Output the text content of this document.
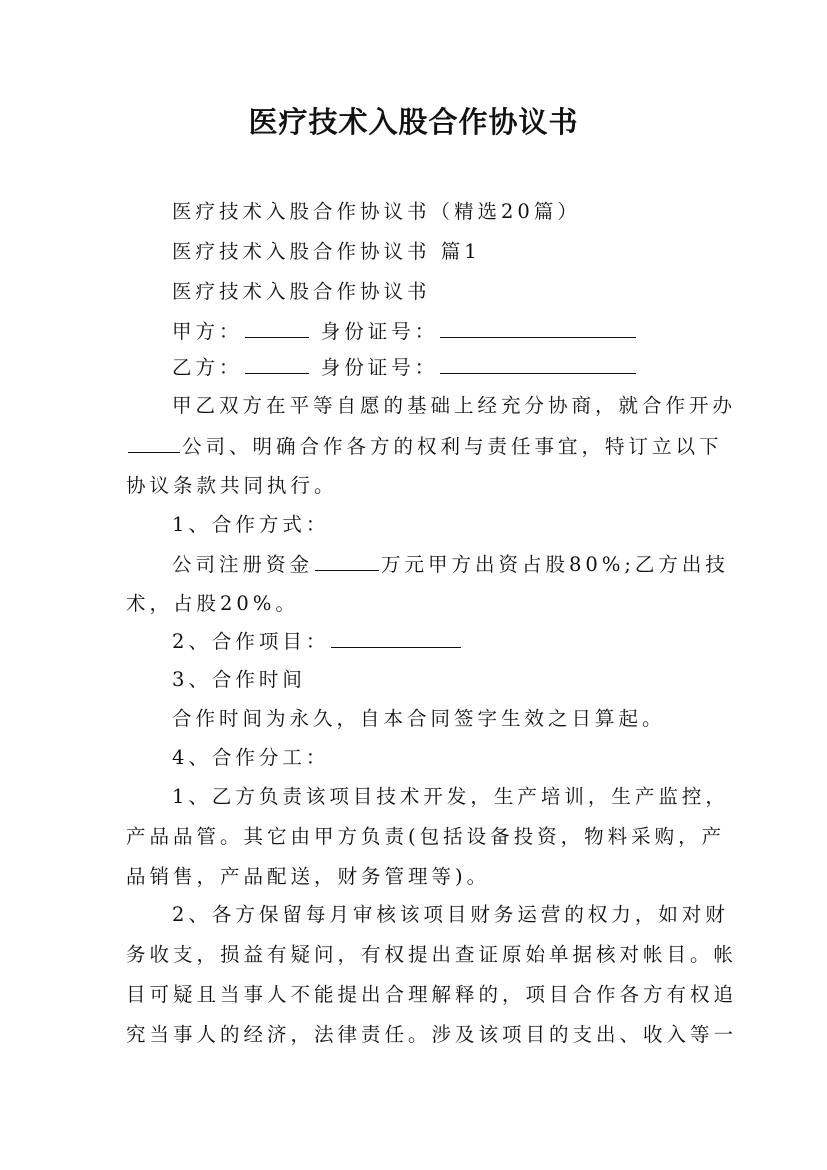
医疗技术入股合作协议书
医疗技术入股合作协议书（精选20篇）
医疗技术入股合作协议书 篇1
医疗技术入股合作协议书
甲方：	身份证号：
乙方：	身份证号：
甲乙双方在平等自愿的基础上经充分协商，就合作开办
公司、明确合作各方的权利与责任事宜，特订立以下
协议条款共同执行。
1、合作方式：
公司注册资金	万元甲方出资占股80%;乙方出技
术，占股20%。
2、合作项目：
3、合作时间
合作时间为永久，自本合同签字生效之日算起。
4、合作分工：
1、乙方负责该项目技术开发，生产培训，生产监控，
产品品管。其它由甲方负责(包括设备投资，物料采购，产
品销售，产品配送，财务管理等)。
2、各方保留每月审核该项目财务运营的权力，如对财
务收支，损益有疑问，有权提出查证原始单据核对帐目。帐
目可疑且当事人不能提出合理解释的，项目合作各方有权追
究当事人的经济，法律责任。涉及该项目的支出、收入等一
